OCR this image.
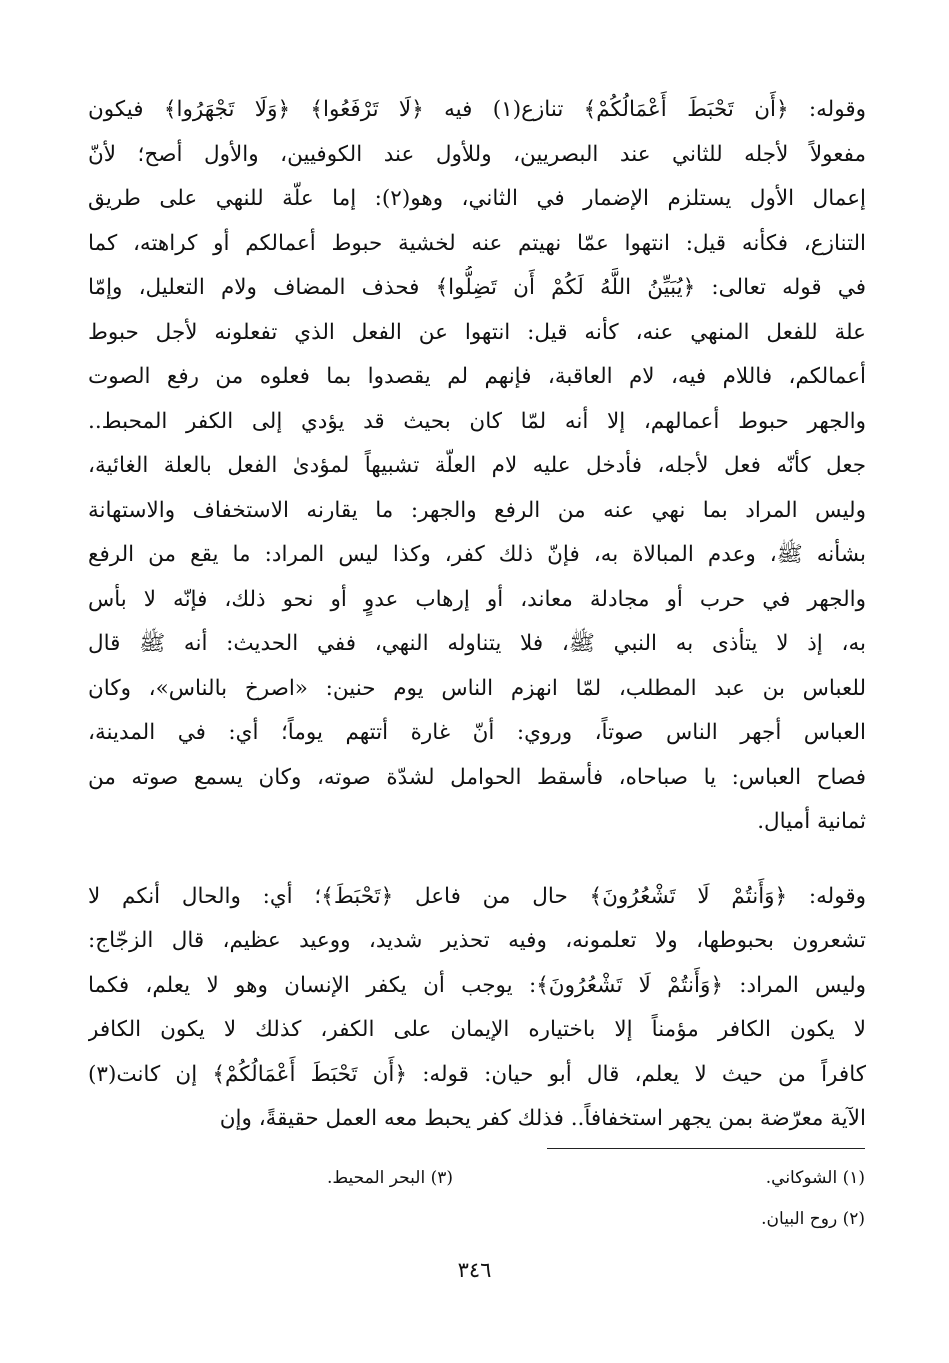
وقوله: ﴿أَن تَحْبَطَ أَعْمَالُكُمْ﴾ تنازع(١) فيه ﴿لَا تَرْفَعُوا﴾ ﴿وَلَا تَجْهَرُوا﴾ فيكون
مفعولاً لأجله للثاني عند البصريين، وللأول عند الكوفيين، والأول أصح؛ لأنّ
إعمال الأول يستلزم الإضمار في الثاني، وهو(٢): إما علّة للنهي على طريق
التنازع، فكأنه قيل: انتهوا عمّا نهيتم عنه لخشية حبوط أعمالكم أو كراهته، كما
في قوله تعالى: ﴿يُبَيِّنُ اللَّهُ لَكُمْ أَن تَضِلُّوا﴾ فحذف المضاف ولام التعليل، وإمّا
علة للفعل المنهي عنه، كأنه قيل: انتهوا عن الفعل الذي تفعلونه لأجل حبوط
أعمالكم، فاللام فيه، لام العاقبة، فإنهم لم يقصدوا بما فعلوه من رفع الصوت
والجهر حبوط أعمالهم، إلا أنه لمّا كان بحيث قد يؤدي إلى الكفر المحبط..
جعل كأنّه فعل لأجله، فأدخل عليه لام العلّة تشبيهاً لمؤدىٰ الفعل بالعلة الغائية،
وليس المراد بما نهي عنه من الرفع والجهر: ما يقارنه الاستخفاف والاستهانة
بشأنه ﷺ، وعدم المبالاة به، فإنّ ذلك كفر، وكذا ليس المراد: ما يقع من الرفع
والجهر في حرب أو مجادلة معاند، أو إرهاب عدوٍ أو نحو ذلك، فإنّه لا بأس
به، إذ لا يتأذى به النبي ﷺ، فلا يتناوله النهي، ففي الحديث: أنه ﷺ قال
للعباس بن عبد المطلب، لمّا انهزم الناس يوم حنين: «اصرخ بالناس»، وكان
العباس أجهر الناس صوتاً، وروي: أنّ غارة أتتهم يوماً؛ أي: في المدينة،
فصاح العباس: يا صباحاه، فأسقط الحوامل لشدّة صوته، وكان يسمع صوته من
ثمانية أميال.
وقوله: ﴿وَأَنتُمْ لَا تَشْعُرُونَ﴾ حال من فاعل ﴿تَحْبَطَ﴾؛ أي: والحال أنكم لا
تشعرون بحبوطها، ولا تعلمونه، وفيه تحذير شديد، ووعيد عظيم، قال الزجّاج:
وليس المراد: ﴿وَأَنتُمْ لَا تَشْعُرُونَ﴾: يوجب أن يكفر الإنسان وهو لا يعلم، فكما
لا يكون الكافر مؤمناً إلا باختياره الإيمان على الكفر، كذلك لا يكون الكافر
كافراً من حيث لا يعلم، قال أبو حيان: قوله: ﴿أَن تَحْبَطَ أَعْمَالُكُمْ﴾ إن كانت(٣)
الآية معرّضة بمن يجهر استخفافاً.. فذلك كفر يحبط معه العمل حقيقةً، وإن
(١) الشوكاني.
(٢) روح البيان.
(٣) البحر المحيط.
٣٤٦
